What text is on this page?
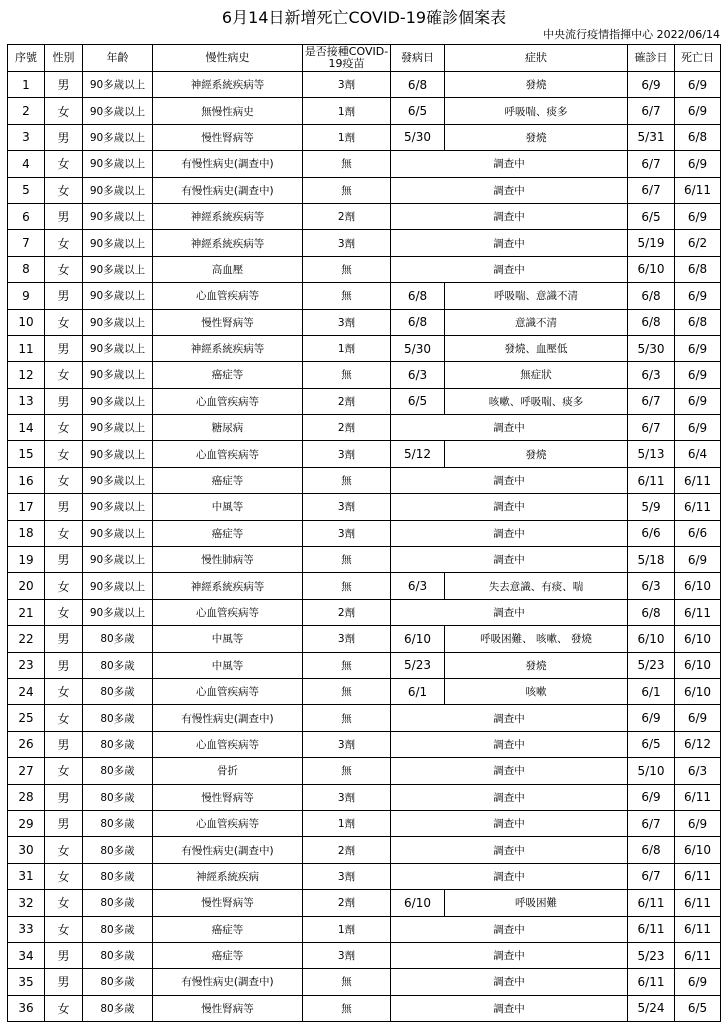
6月14日新增死亡COVID-19確診個案表
中央流行疫情指揮中心 2022/06/14
序號	性別	年齡	慢性病史	是否接種COVID-19疫苗	發病日	症狀	確診日	死亡日
1	男	90多歲以上	神經系統疾病等	3劑	6/8	發燒	6/9	6/9
2	女	90多歲以上	無慢性病史	1劑	6/5	呼吸喘、痰多	6/7	6/9
3	男	90多歲以上	慢性腎病等	1劑	5/30	發燒	5/31	6/8
4	女	90多歲以上	有慢性病史(調查中)	無	調查中		6/7	6/9
5	女	90多歲以上	有慢性病史(調查中)	無	調查中		6/7	6/11
6	男	90多歲以上	神經系統疾病等	2劑	調查中		6/5	6/9
7	女	90多歲以上	神經系統疾病等	3劑	調查中		5/19	6/2
8	女	90多歲以上	高血壓	無	調查中		6/10	6/8
9	男	90多歲以上	心血管疾病等	無	6/8	呼吸喘、意識不清	6/8	6/9
10	女	90多歲以上	慢性腎病等	3劑	6/8	意識不清	6/8	6/8
11	男	90多歲以上	神經系統疾病等	1劑	5/30	發燒、血壓低	5/30	6/9
12	女	90多歲以上	癌症等	無	6/3	無症狀	6/3	6/9
13	男	90多歲以上	心血管疾病等	2劑	6/5	咳嗽、呼吸喘、痰多	6/7	6/9
14	女	90多歲以上	糖尿病	2劑	調查中		6/7	6/9
15	女	90多歲以上	心血管疾病等	3劑	5/12	發燒	5/13	6/4
16	女	90多歲以上	癌症等	無	調查中		6/11	6/11
17	男	90多歲以上	中風等	3劑	調查中		5/9	6/11
18	女	90多歲以上	癌症等	3劑	調查中		6/6	6/6
19	男	90多歲以上	慢性肺病等	無	調查中		5/18	6/9
20	女	90多歲以上	神經系統疾病等	無	6/3	失去意識、有痰、喘	6/3	6/10
21	女	90多歲以上	心血管疾病等	2劑	調查中		6/8	6/11
22	男	80多歲	中風等	3劑	6/10	呼吸困難、 咳嗽、 發燒	6/10	6/10
23	男	80多歲	中風等	無	5/23	發燒	5/23	6/10
24	女	80多歲	心血管疾病等	無	6/1	咳嗽	6/1	6/10
25	女	80多歲	有慢性病史(調查中)	無	調查中		6/9	6/9
26	男	80多歲	心血管疾病等	3劑	調查中		6/5	6/12
27	女	80多歲	骨折	無	調查中		5/10	6/3
28	男	80多歲	慢性腎病等	3劑	調查中		6/9	6/11
29	男	80多歲	心血管疾病等	1劑	調查中		6/7	6/9
30	女	80多歲	有慢性病史(調查中)	2劑	調查中		6/8	6/10
31	女	80多歲	神經系統疾病	3劑	調查中		6/7	6/11
32	女	80多歲	慢性腎病等	2劑	6/10	呼吸困難	6/11	6/11
33	女	80多歲	癌症等	1劑	調查中		6/11	6/11
34	男	80多歲	癌症等	3劑	調查中		5/23	6/11
35	男	80多歲	有慢性病史(調查中)	無	調查中		6/11	6/9
36	女	80多歲	慢性腎病等	無	調查中		5/24	6/5
